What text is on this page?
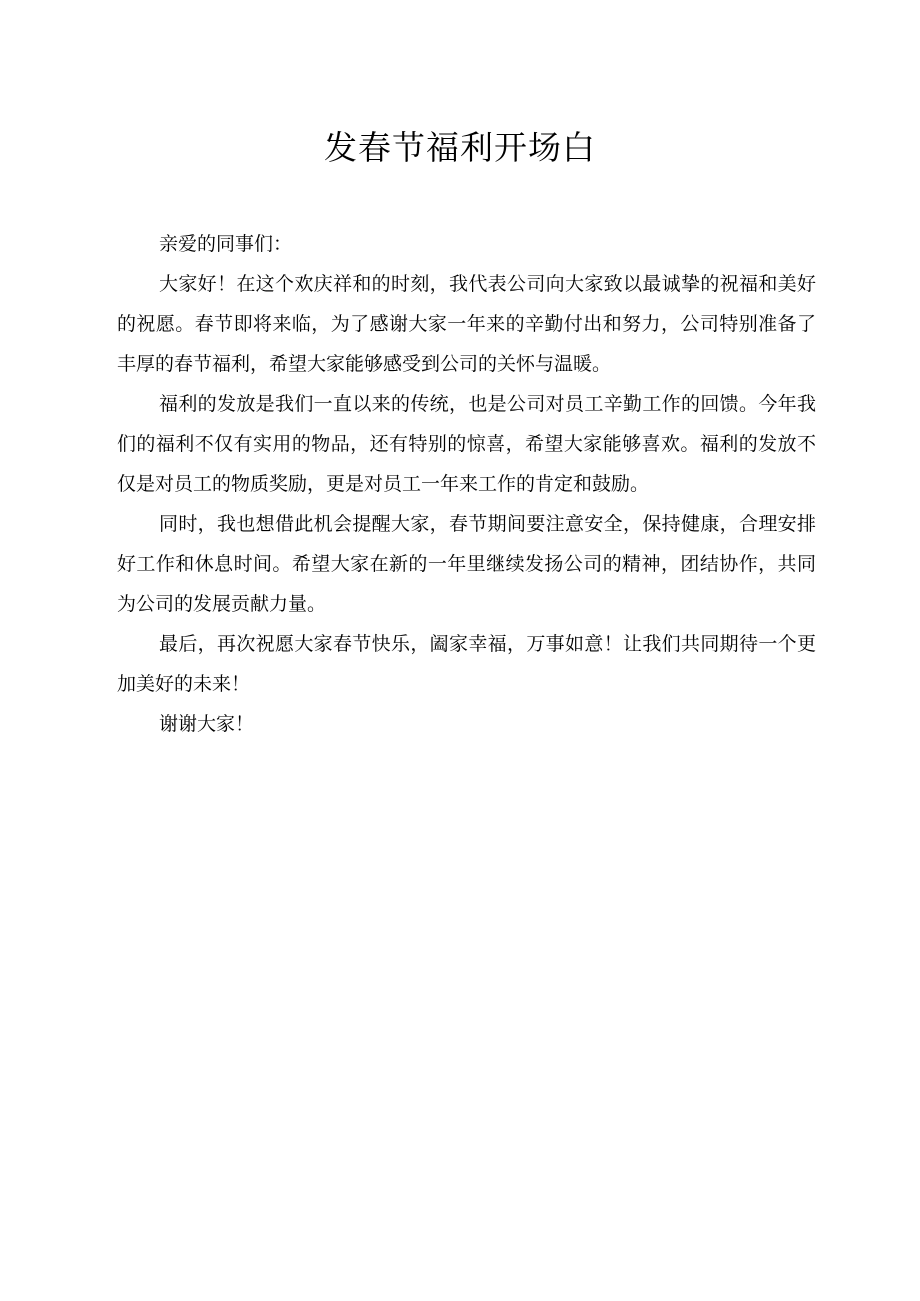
发春节福利开场白

亲爱的同事们：

大家好！在这个欢庆祥和的时刻，我代表公司向大家致以最诚挚的祝福和美好的祝愿。春节即将来临，为了感谢大家一年来的辛勤付出和努力，公司特别准备了丰厚的春节福利，希望大家能够感受到公司的关怀与温暖。

福利的发放是我们一直以来的传统，也是公司对员工辛勤工作的回馈。今年我们的福利不仅有实用的物品，还有特别的惊喜，希望大家能够喜欢。福利的发放不仅是对员工的物质奖励，更是对员工一年来工作的肯定和鼓励。

同时，我也想借此机会提醒大家，春节期间要注意安全，保持健康，合理安排好工作和休息时间。希望大家在新的一年里继续发扬公司的精神，团结协作，共同为公司的发展贡献力量。

最后，再次祝愿大家春节快乐，阖家幸福，万事如意！让我们共同期待一个更加美好的未来！

谢谢大家！
